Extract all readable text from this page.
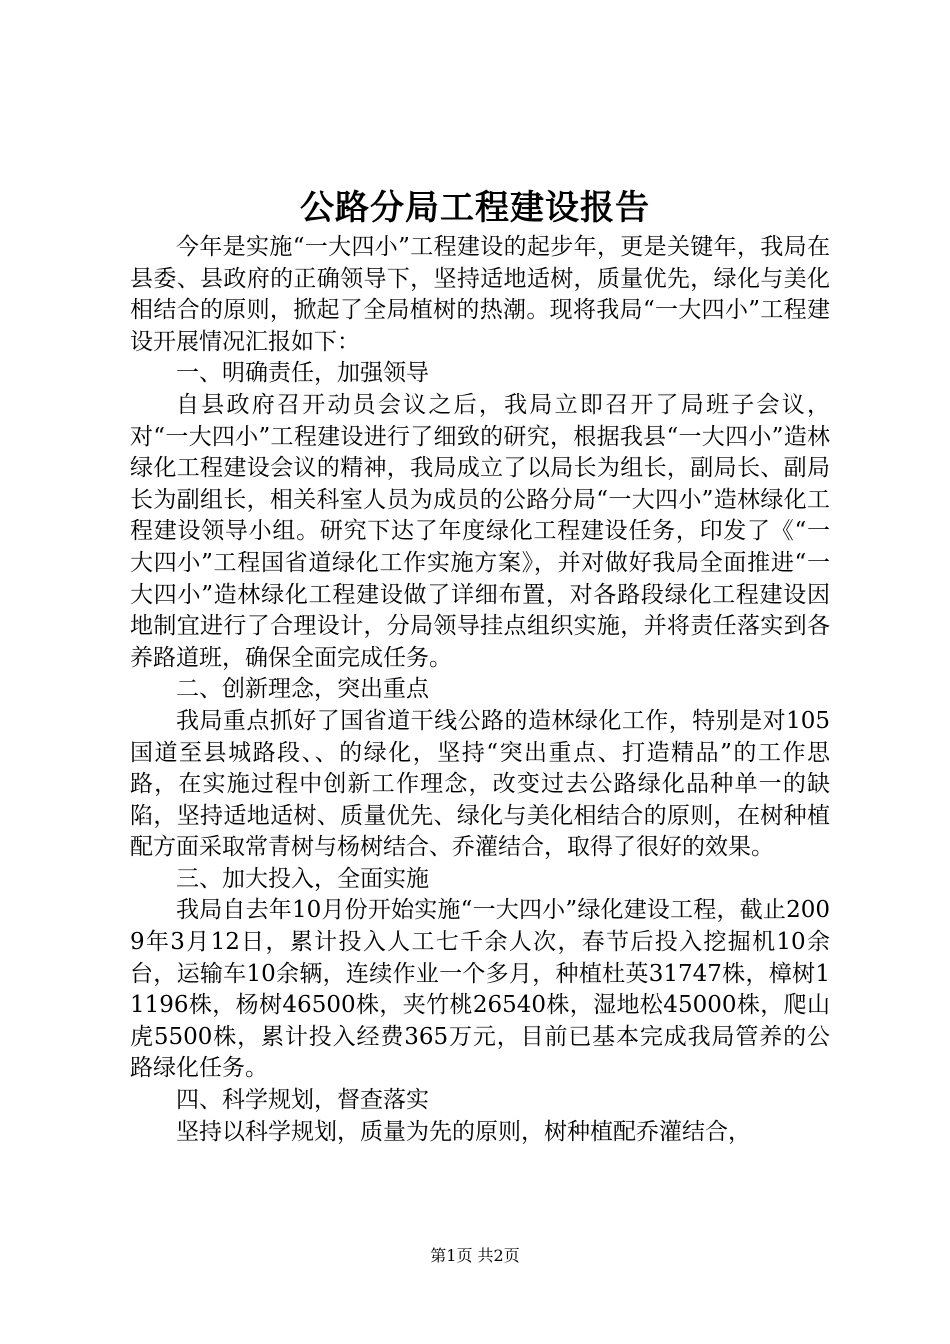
公路分局工程建设报告

今年是实施“一大四小”工程建设的起步年，更是关键年，我局在县委、县政府的正确领导下，坚持适地适树，质量优先，绿化与美化相结合的原则，掀起了全局植树的热潮。现将我局“一大四小”工程建设开展情况汇报如下：

一、明确责任，加强领导

自县政府召开动员会议之后，我局立即召开了局班子会议，对“一大四小”工程建设进行了细致的研究，根据我县“一大四小”造林绿化工程建设会议的精神，我局成立了以局长为组长，副局长、副局长为副组长，相关科室人员为成员的公路分局“一大四小”造林绿化工程建设领导小组。研究下达了年度绿化工程建设任务，印发了《“一大四小”工程国省道绿化工作实施方案》，并对做好我局全面推进“一大四小”造林绿化工程建设做了详细布置，对各路段绿化工程建设因地制宜进行了合理设计，分局领导挂点组织实施，并将责任落实到各养路道班，确保全面完成任务。

二、创新理念，突出重点

我局重点抓好了国省道干线公路的造林绿化工作，特别是对105国道至县城路段、、的绿化，坚持“突出重点、打造精品”的工作思路，在实施过程中创新工作理念，改变过去公路绿化品种单一的缺陷，坚持适地适树、质量优先、绿化与美化相结合的原则，在树种植配方面采取常青树与杨树结合、乔灌结合，取得了很好的效果。

三、加大投入，全面实施

我局自去年10月份开始实施“一大四小”绿化建设工程，截止2009年3月12日，累计投入人工七千余人次，春节后投入挖掘机10余台，运输车10余辆，连续作业一个多月，种植杜英31747株，樟树11196株，杨树46500株，夹竹桃26540株，湿地松45000株，爬山虎5500株，累计投入经费365万元，目前已基本完成我局管养的公路绿化任务。

四、科学规划，督查落实

坚持以科学规划，质量为先的原则，树种植配乔灌结合，

第1页 共2页
